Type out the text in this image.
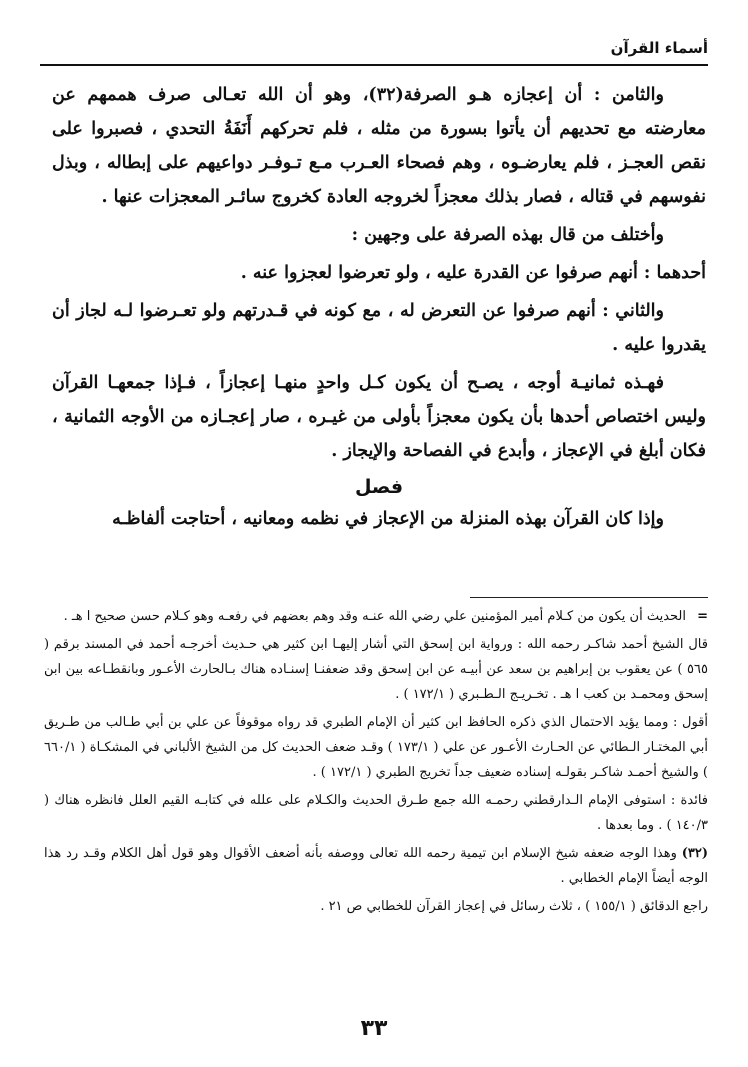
أسماء القرآن

والثامن : أن إعجازه هـو الصرفة(٣٢)، وهو أن الله تعـالى صرف هممهم عن معارضته مع تحديهم أن يأتوا بسورة من مثله ، فلم تحركهم أَنَفَةُ التحدي ، فصبروا على نقص العجـز ، فلم يعارضـوه ، وهم فصحاء العـرب مـع تـوفـر دواعيهم على إبطاله ، وبذل نفوسهم في قتاله ، فصار بذلك معجزاً لخروجه العادة كخروج سائـر المعجزات عنها .

وأختلف من قال بهذه الصرفة على وجهين :

أحدهما : أنهم صرفوا عن القدرة عليه ، ولو تعرضوا لعجزوا عنه .

والثاني : أنهم صرفوا عن التعرض له ، مع كونه في قـدرتهم ولو تعـرضوا لـه لجاز أن يقدروا عليه .

فهـذه ثمانيـة أوجه ، يصـح أن يكون كـل واحدٍ منهـا إعجازاً ، فـإذا جمعهـا القرآن وليس اختصاص أحدها بأن يكون معجزاً بأولى من غيـره ، صار إعجـازه من الأوجه الثمانية ، فكان أبلغ في الإعجاز ، وأبدع في الفصاحة والإيجاز .

فصل

وإذا كان القرآن بهذه المنزلة من الإعجاز في نظمه ومعانيه ، أحتاجت ألفاظـه

=
الحديث أن يكون من كـلام أمير المؤمنين علي رضي الله عنـه وقد وهم بعضهم في رفعـه وهو كـلام حسن صحيح ا هـ .

قال الشيخ أحمد شاكـر رحمه الله : ورواية ابن إسحق التي أشار إليهـا ابن كثير هي حـديث أخرجـه أحمد في المسند برقم ( ٥٦٥ ) عن يعقوب بن إبراهيم بن سعد عن أبيـه عن ابن إسحق وقد ضعفنـا إسنـاده هناك بـالحارث الأعـور وبانقطـاعه بين ابن إسحق ومحمـد بن كعب ا هـ . تخـريـج الـطـبري ( ١٧٢/١ ) .

أقول : ومما يؤيد الاحتمال الذي ذكره الحافظ ابن كثير أن الإمام الطبري قد رواه موقوفاً عن علي بن أبي طـالب من طـريق أبي المختـار الـطائي عن الحـارث الأعـور عن علي ( ١٧٣/١ ) وقـد ضعف الحديث كل من الشيخ الألباني في المشكـاة ( ٦٦٠/١ ) والشيخ أحمـد شاكـر بقولـه إسناده ضعيف جداً تخريج الطبري ( ١٧٢/١ ) .

فائدة : استوفى الإمام الـدارقطني رحمـه الله جمع طـرق الحديث والكـلام على علله في كتابـه القيم العلل فانظره هناك ( ١٤٠/٣ ) . وما بعدها .

(٣٢) وهذا الوجه ضعفه شيخ الإسلام ابن تيمية رحمه الله تعالى ووصفه بأنه أضعف الأقوال وهو قول أهل الكلام وقـد رد هذا الوجه أيضاً الإمام الخطابي .

راجع الدقائق ( ١٥٥/١ ) ، ثلاث رسائل في إعجاز القرآن للخطابي ص ٢١ .

٣٣
